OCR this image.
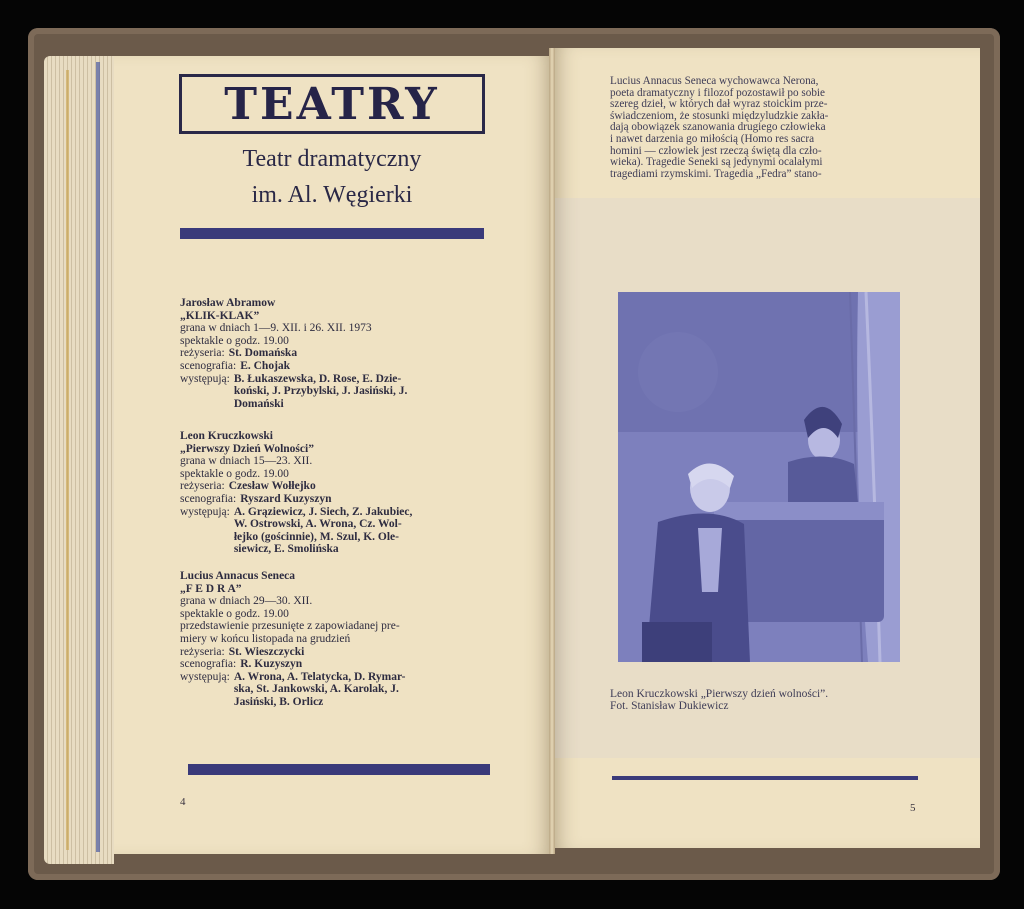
TEATRY
Teatr dramatyczny
im. Al. Węgierki
Jarosław Abramow
„KLIK-KLAK”
grana w dniach 1—9. XII. i 26. XII. 1973
spektakle o godz. 19.00
reżyseria: St. Domańska
scenografia: E. Chojak
występują: B. Łukaszewska, D. Rose, E. Dzie-
koński, J. Przybylski, J. Jasiński, J.
Domański
Leon Kruczkowski
„Pierwszy Dzień Wolności”
grana w dniach 15—23. XII.
spektakle o godz. 19.00
reżyseria: Czesław Wołłejko
scenografia: Ryszard Kuzyszyn
występują: A. Grąziewicz, J. Siech, Z. Jakubiec,
W. Ostrowski, A. Wrona, Cz. Wol-
łejko (gościnnie), M. Szul, K. Ole-
siewicz, E. Smolińska
Lucius Annacus Seneca
„F E D R A”
grana w dniach 29—30. XII.
spektakle o godz. 19.00
przedstawienie przesunięte z zapowiadanej pre-
miery w końcu listopada na grudzień
reżyseria: St. Wieszczycki
scenografia: R. Kuzyszyn
występują: A. Wrona, A. Telatycka, D. Rymar-
ska, St. Jankowski, A. Karolak, J.
Jasiński, B. Orlicz
4
Lucius Annacus Seneca wychowawca Nerona,
poeta dramatyczny i filozof pozostawił po sobie
szereg dzieł, w których dał wyraz stoickim prze-
świadczeniom, że stosunki międzyludzkie zakła-
dają obowiązek szanowania drugiego człowieka
i nawet darzenia go miłością (Homo res sacra
homini — człowiek jest rzeczą świętą dla czło-
wieka). Tragedie Seneki są jedynymi ocalałymi
tragediami rzymskimi. Tragedia „Fedra” stano-
Leon Kruczkowski „Pierwszy dzień wolności”.
Fot. Stanisław Dukiewicz
5
